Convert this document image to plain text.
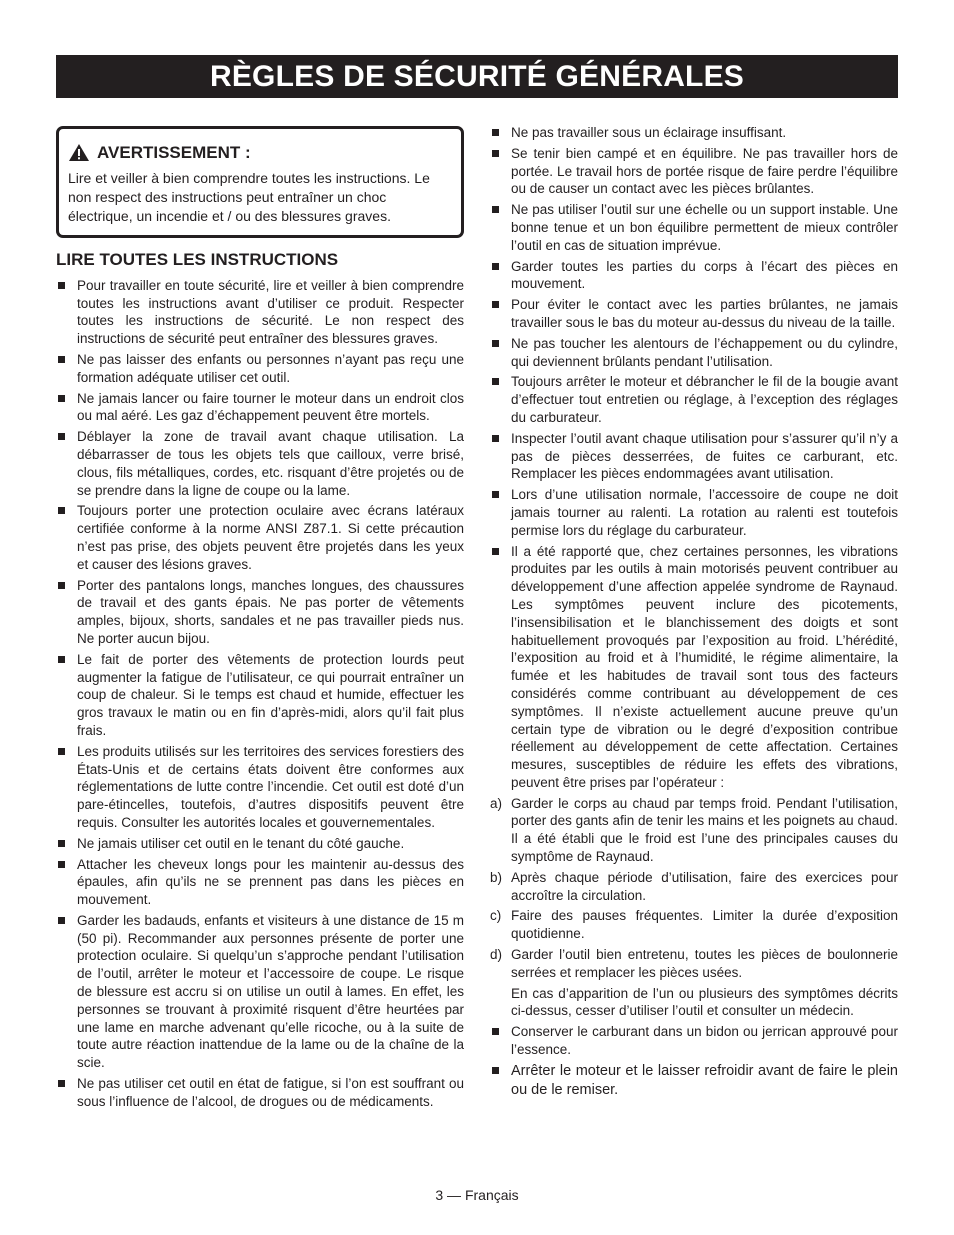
RÈGLES DE SÉCURITÉ GÉNÉRALES
AVERTISSEMENT :
Lire et veiller à bien comprendre toutes les instructions. Le non respect des instructions peut entraîner un choc électrique, un incendie et / ou des blessures graves.
LIRE TOUTES LES INSTRUCTIONS
Pour travailler en toute sécurité, lire et veiller à bien comprendre toutes les instructions avant d’utiliser ce produit. Respecter toutes les instructions de sécurité. Le non respect des instructions de sécurité peut entraîner des blessures graves.
Ne pas laisser des enfants ou personnes n’ayant pas reçu une formation adéquate utiliser cet outil.
Ne jamais lancer ou faire tourner le moteur dans un endroit clos ou mal aéré. Les gaz d’échappement peuvent être mortels.
Déblayer la zone de travail avant chaque utilisation. La débarrasser de tous les objets tels que cailloux, verre brisé, clous, fils métalliques, cordes, etc. risquant d’être projetés ou de se prendre dans la ligne de coupe ou la lame.
Toujours porter une protection oculaire avec écrans latéraux certifiée conforme à la norme ANSI Z87.1. Si cette précaution n’est pas prise, des objets peuvent être projetés dans les yeux et causer des lésions graves.
Porter des pantalons longs, manches longues, des chaussures de travail et des gants épais. Ne pas porter de vêtements amples, bijoux, shorts, sandales et ne pas travailler pieds nus. Ne porter aucun bijou.
Le fait de porter des vêtements de protection lourds peut augmenter la fatigue de l’utilisateur, ce qui pourrait entraîner un coup de chaleur. Si le temps est chaud et humide, effectuer les gros travaux le matin ou en fin d’après-midi, alors qu’il fait plus frais.
Les produits utilisés sur les territoires des services forestiers des États-Unis et de certains états doivent être conformes aux réglementations de lutte contre l’incendie. Cet outil est doté d’un pare-étincelles, toutefois, d’autres dispositifs peuvent être requis. Consulter les autorités locales et gouvernementales.
Ne jamais utiliser cet outil en le tenant du côté gauche.
Attacher les cheveux longs pour les maintenir au-dessus des épaules, afin qu’ils ne se prennent pas dans les pièces en mouvement.
Garder les badauds, enfants et visiteurs à une distance de 15 m (50 pi). Recommander aux personnes présente de porter une protection oculaire. Si quelqu’un s’approche pendant l’utilisation de l’outil, arrêter le moteur et l’accessoire de coupe. Le risque de blessure est accru si on utilise un outil à lames. En effet, les personnes se trouvant à proximité risquent d’être heurtées par une lame en marche advenant qu’elle ricoche, ou à la suite de toute autre réaction inattendue de la lame ou de la chaîne de la scie.
Ne pas utiliser cet outil en état de fatigue, si l’on est souffrant ou sous l’influence de l’alcool, de drogues ou de médicaments.
Ne pas travailler sous un éclairage insuffisant.
Se tenir bien campé et en équilibre. Ne pas travailler hors de portée. Le travail hors de portée risque de faire perdre l’équilibre ou de causer un contact avec les pièces brûlantes.
Ne pas utiliser l’outil sur une échelle ou un support instable. Une bonne tenue et un bon équilibre permettent de mieux contrôler l’outil en cas de situation imprévue.
Garder toutes les parties du corps à l’écart des pièces en mouvement.
Pour éviter le contact avec les parties brûlantes, ne jamais travailler sous le bas du moteur au-dessus du niveau de la taille.
Ne pas toucher les alentours de l’échappement ou du cylindre, qui deviennent brûlants pendant l’utilisation.
Toujours arrêter le moteur et débrancher le fil de la bougie avant d’effectuer tout entretien ou réglage, à l’exception des réglages du carburateur.
Inspecter l’outil avant chaque utilisation pour s’assurer qu’il n’y a pas de pièces desserrées, de fuites ce carburant, etc. Remplacer les pièces endommagées avant utilisation.
Lors d’une utilisation normale, l’accessoire de coupe ne doit jamais tourner au ralenti. La rotation au ralenti est toutefois permise lors du réglage du carburateur.
Il a été rapporté que, chez certaines personnes, les vibrations produites par les outils à main motorisés peuvent contribuer au développement d’une affection appelée syndrome de Raynaud. Les symptômes peuvent inclure des picotements, l’insensibilisation et le blanchissement des doigts et sont habituellement provoqués par l’exposition au froid. L’hérédité, l’exposition au froid et à l’humidité, le régime alimentaire, la fumée et les habitudes de travail sont tous des facteurs considérés comme contribuant au développement de ces symptômes. Il n’existe actuellement aucune preuve qu’un certain type de vibration ou le degré d’exposition contribue réellement au développement de cette affectation. Certaines mesures, susceptibles de réduire les effets des vibrations, peuvent être prises par l’opérateur :
a) Garder le corps au chaud par temps froid. Pendant l’utilisation, porter des gants afin de tenir les mains et les poignets au chaud. Il a été établi que le froid est l’une des principales causes du symptôme de Raynaud.
b) Après chaque période d’utilisation, faire des exercices pour accroître la circulation.
c) Faire des pauses fréquentes. Limiter la durée d’exposition quotidienne.
d) Garder l’outil bien entretenu, toutes les pièces de boulonnerie serrées et remplacer les pièces usées.
En cas d’apparition de l’un ou plusieurs des symptômes décrits ci-dessus, cesser d’utiliser l’outil et consulter un médecin.
Conserver le carburant dans un bidon ou jerrican approuvé pour l’essence.
Arrêter le moteur et le laisser refroidir avant de faire le plein ou de le remiser.
3 — Français
